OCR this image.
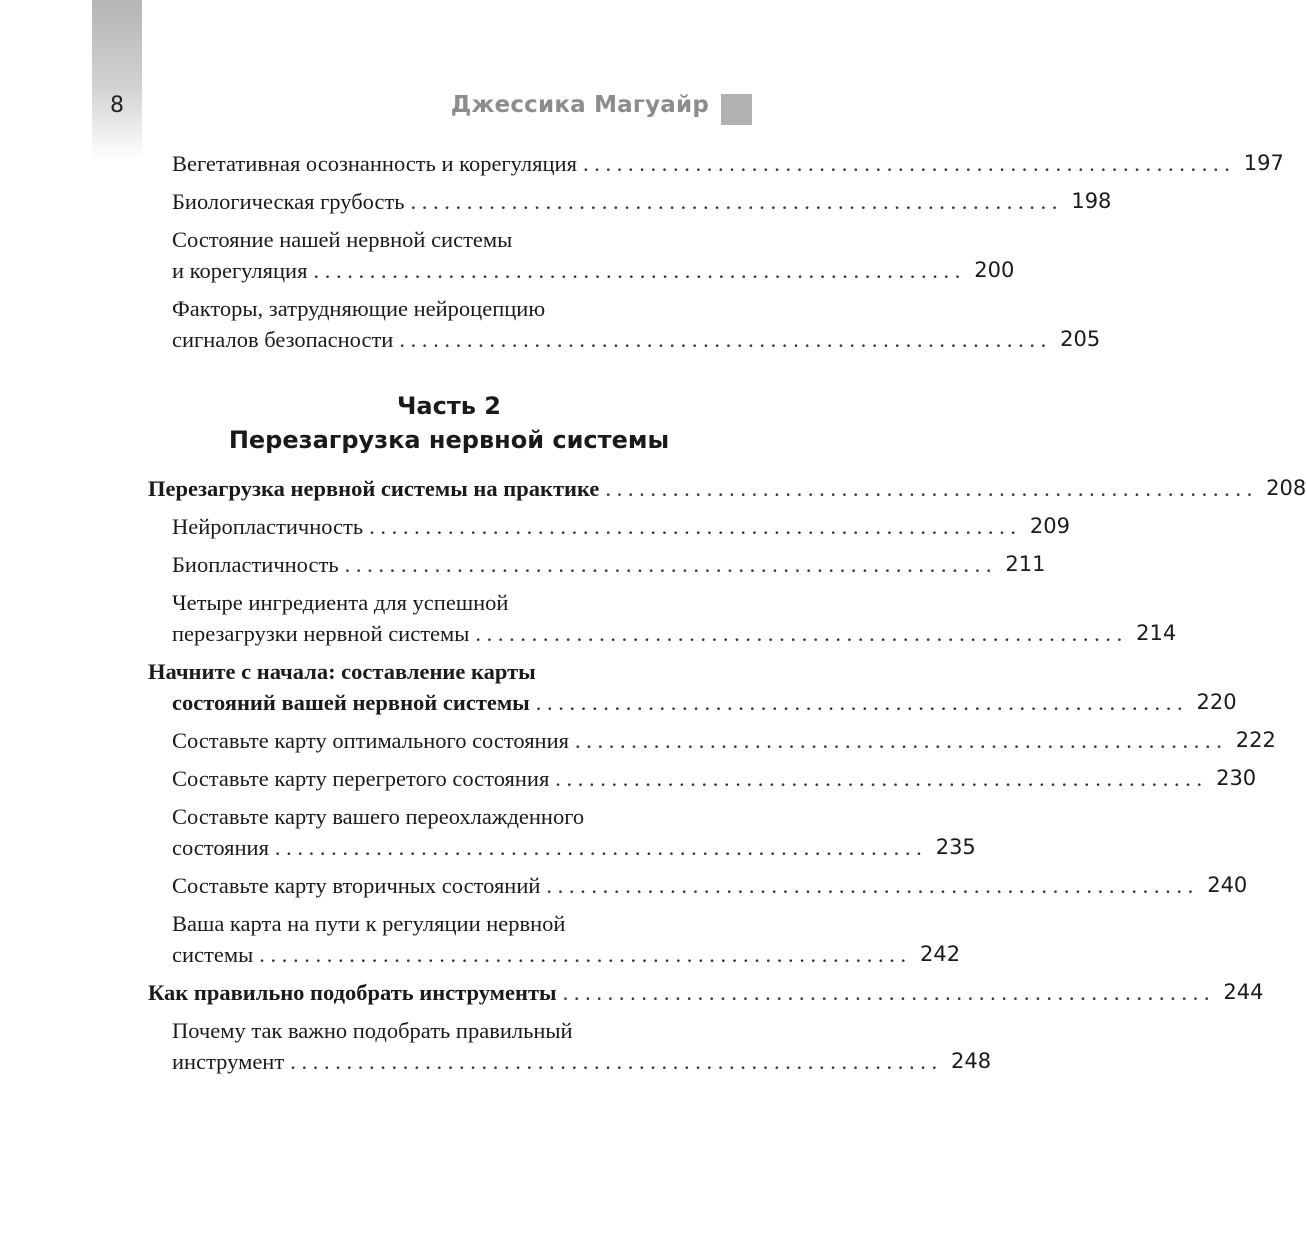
8	Джессика Магуайр
Вегетативная осознанность и корегуляция . . .	197
Биологическая грубость . . .	198
Состояние нашей нервной системы
и корегуляция . . .	200
Факторы, затрудняющие нейроцепцию
сигналов безопасности . . .	205
Часть 2
Перезагрузка нервной системы
Перезагрузка нервной системы на практике . . .	208
Нейропластичность . . .	209
Биопластичность . . .	211
Четыре ингредиента для успешной
перезагрузки нервной системы . . .	214
Начните с начала: составление карты
состояний вашей нервной системы . . .	220
Составьте карту оптимального состояния . . .	222
Составьте карту перегретого состояния . . .	230
Составьте карту вашего переохлажденного
состояния . . .	235
Составьте карту вторичных состояний . . .	240
Ваша карта на пути к регуляции нервной
системы . . .	242
Как правильно подобрать инструменты . . .	244
Почему так важно подобрать правильный
инструмент . . .	248
